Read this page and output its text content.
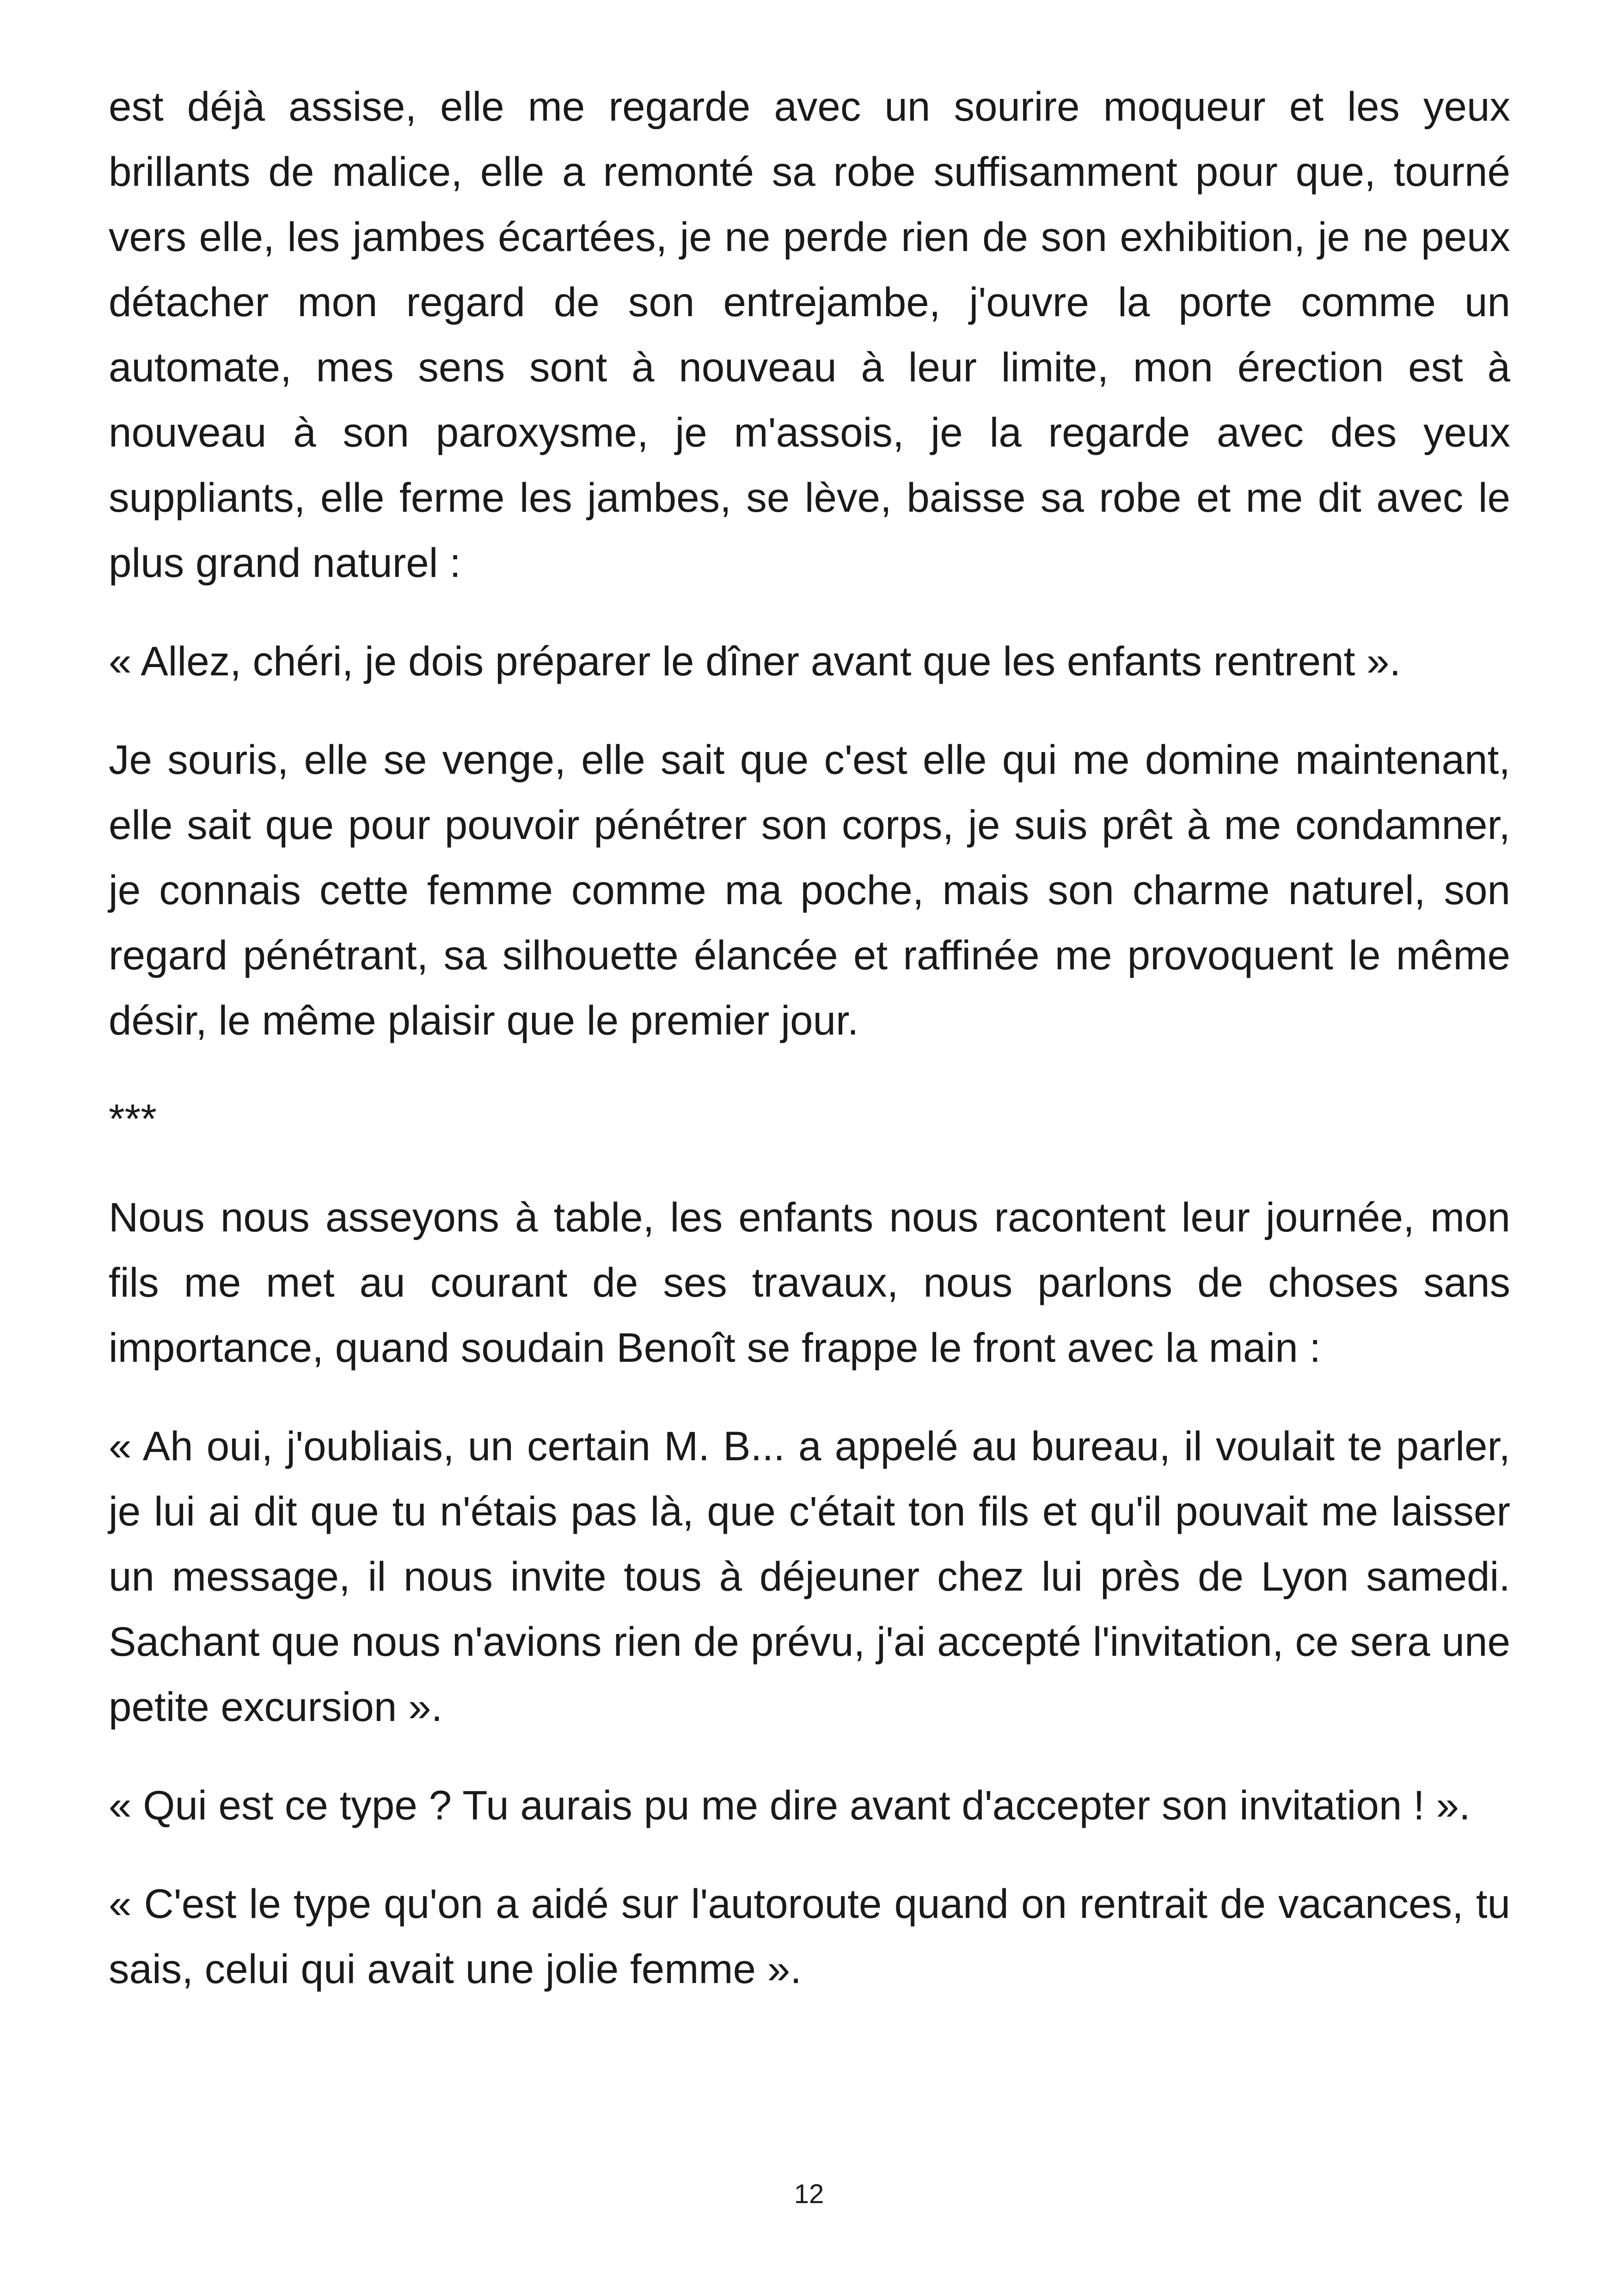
est déjà assise, elle me regarde avec un sourire moqueur et les yeux brillants de malice, elle a remonté sa robe suffisamment pour que, tourné vers elle, les jambes écartées, je ne perde rien de son exhibition, je ne peux détacher mon regard de son entrejambe, j'ouvre la porte comme un automate, mes sens sont à nouveau à leur limite, mon érection est à nouveau à son paroxysme, je m'assois, je la regarde avec des yeux suppliants, elle ferme les jambes, se lève, baisse sa robe et me dit avec le plus grand naturel :

« Allez, chéri, je dois préparer le dîner avant que les enfants rentrent ».

Je souris, elle se venge, elle sait que c'est elle qui me domine maintenant, elle sait que pour pouvoir pénétrer son corps, je suis prêt à me condamner, je connais cette femme comme ma poche, mais son charme naturel, son regard pénétrant, sa silhouette élancée et raffinée me provoquent le même désir, le même plaisir que le premier jour.

***

Nous nous asseyons à table, les enfants nous racontent leur journée, mon fils me met au courant de ses travaux, nous parlons de choses sans importance, quand soudain Benoît se frappe le front avec la main :

« Ah oui, j'oubliais, un certain M. B... a appelé au bureau, il voulait te parler, je lui ai dit que tu n'étais pas là, que c'était ton fils et qu'il pouvait me laisser un message, il nous invite tous à déjeuner chez lui près de Lyon samedi. Sachant que nous n'avions rien de prévu, j'ai accepté l'invitation, ce sera une petite excursion ».

« Qui est ce type ? Tu aurais pu me dire avant d'accepter son invitation ! ».

« C'est le type qu'on a aidé sur l'autoroute quand on rentrait de vacances, tu sais, celui qui avait une jolie femme ».

12
